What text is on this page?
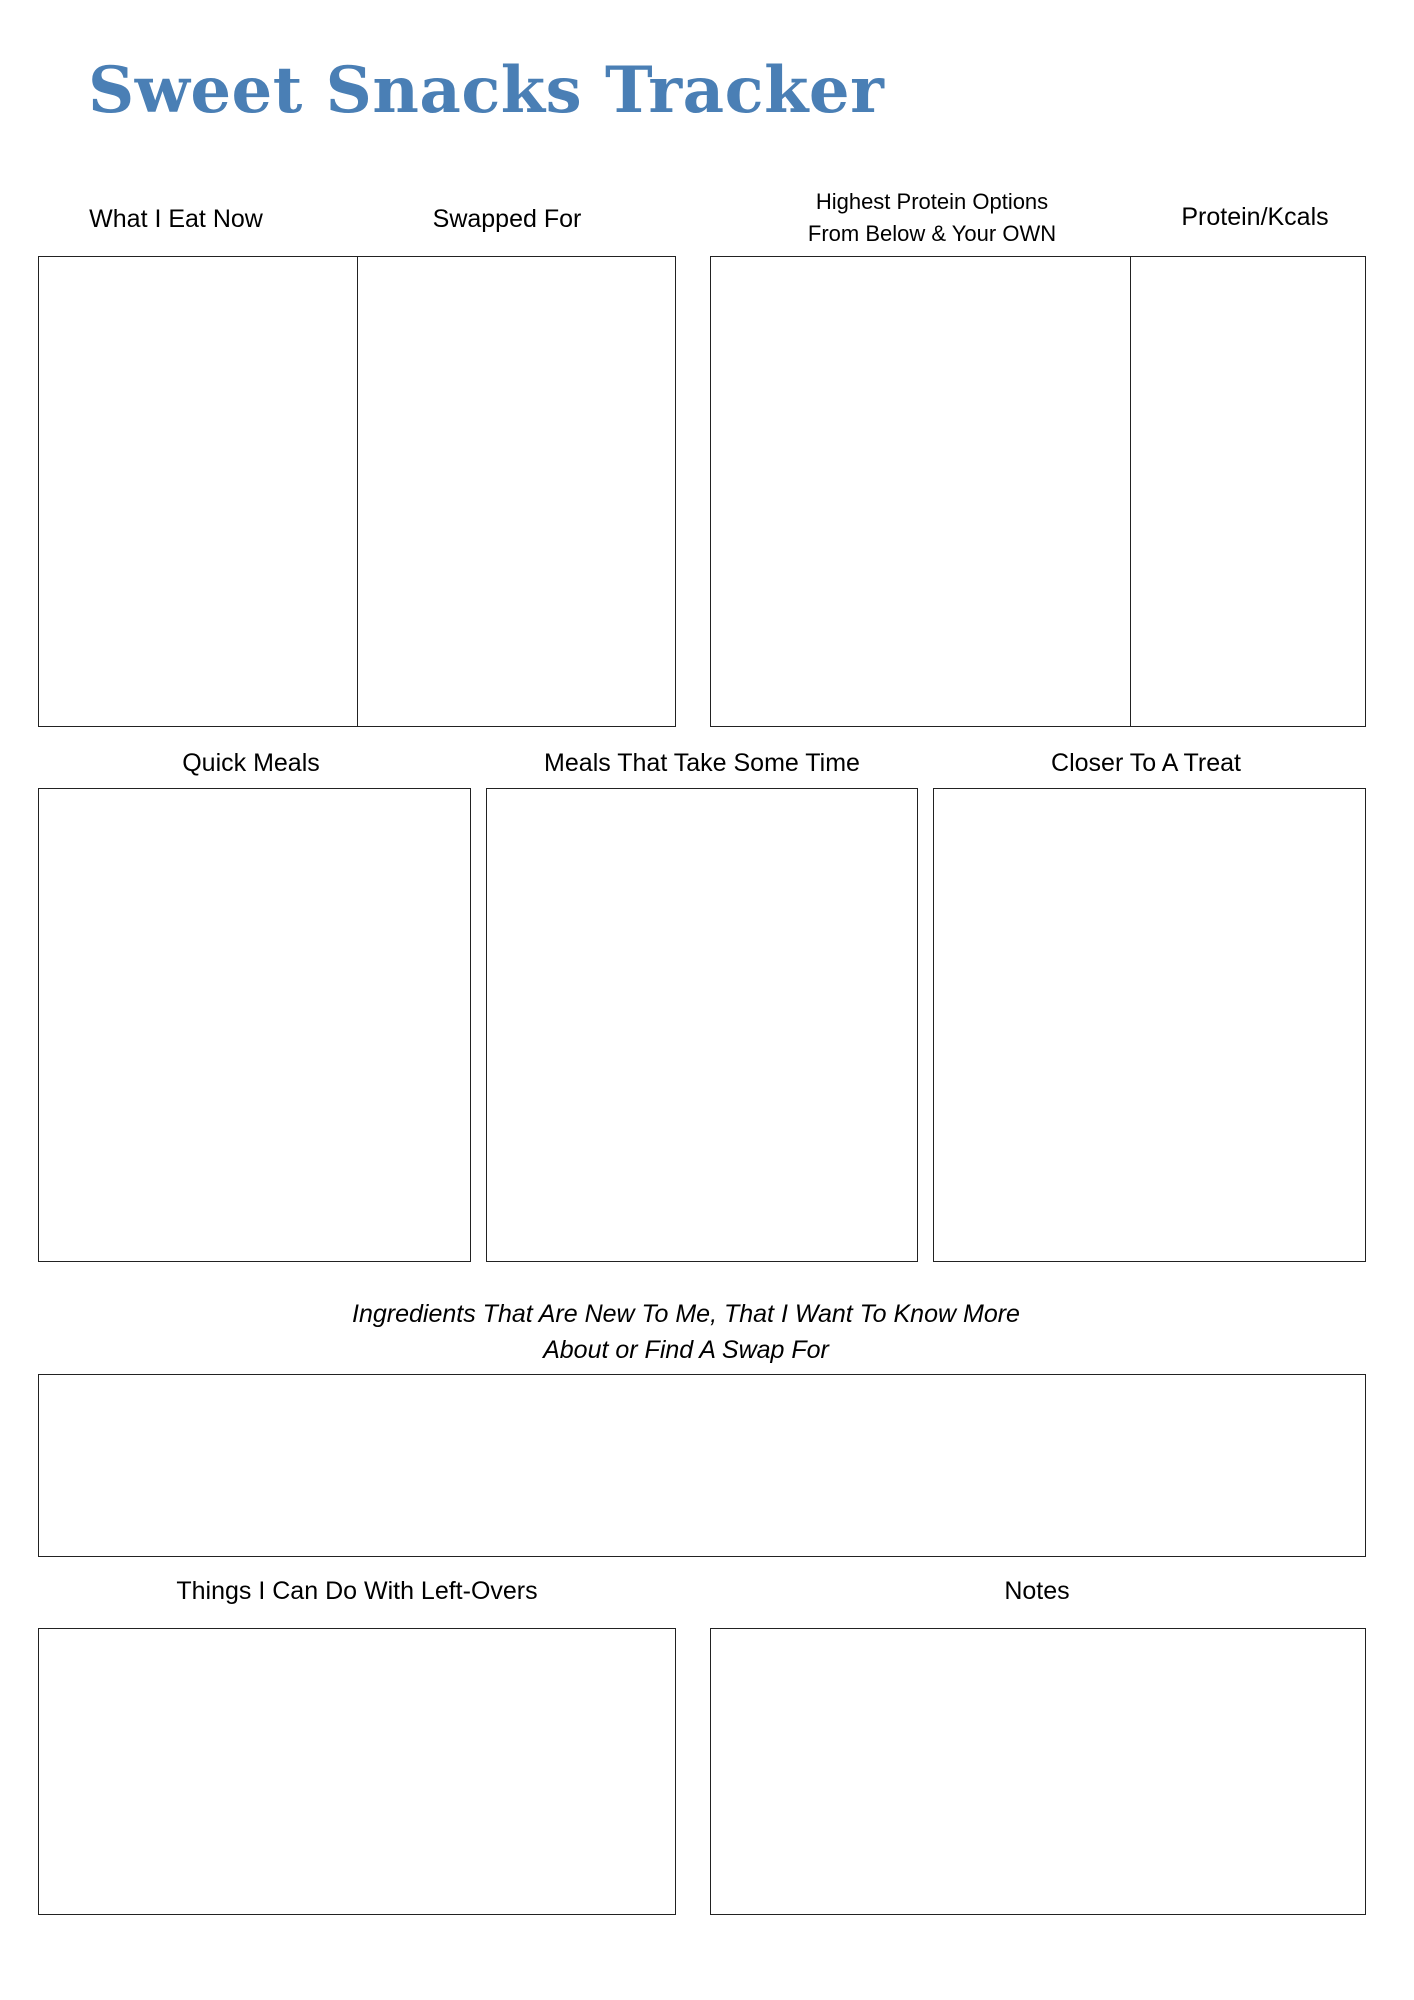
Sweet Snacks Tracker
What I Eat Now	Swapped For
Highest Protein Options
From Below & Your OWN
Protein/Kcals
Quick Meals	Meals That Take Some Time	Closer To A Treat
Ingredients That Are New To Me, That I Want To Know More
About or Find A Swap For
Things I Can Do With Left-Overs	Notes
